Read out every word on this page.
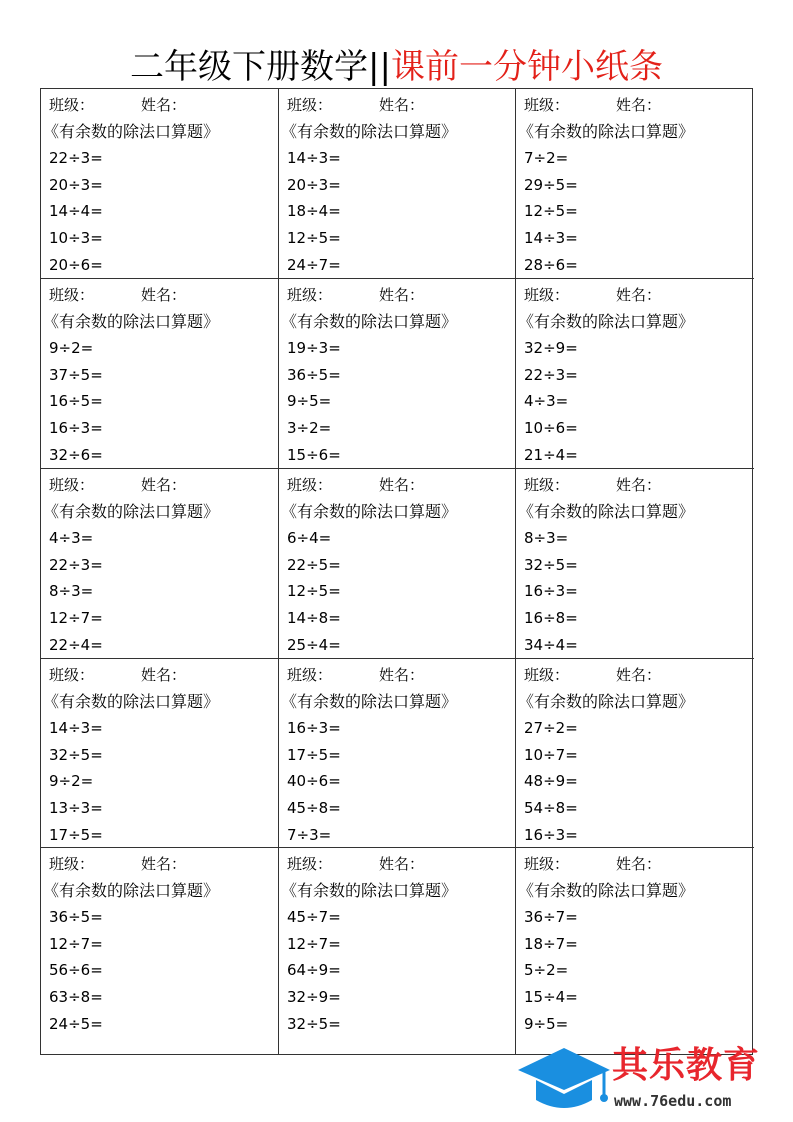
二年级下册数学||课前一分钟小纸条
班级：	姓名：
《有余数的除法口算题》
22÷3=
20÷3=
14÷4=
10÷3=
20÷6=
班级：	姓名：
《有余数的除法口算题》
14÷3=
20÷3=
18÷4=
12÷5=
24÷7=
班级：	姓名：
《有余数的除法口算题》
7÷2=
29÷5=
12÷5=
14÷3=
28÷6=
班级：	姓名：
《有余数的除法口算题》
9÷2=
37÷5=
16÷5=
16÷3=
32÷6=
班级：	姓名：
《有余数的除法口算题》
19÷3=
36÷5=
9÷5=
3÷2=
15÷6=
班级：	姓名：
《有余数的除法口算题》
32÷9=
22÷3=
4÷3=
10÷6=
21÷4=
班级：	姓名：
《有余数的除法口算题》
4÷3=
22÷3=
8÷3=
12÷7=
22÷4=
班级：	姓名：
《有余数的除法口算题》
6÷4=
22÷5=
12÷5=
14÷8=
25÷4=
班级：	姓名：
《有余数的除法口算题》
8÷3=
32÷5=
16÷3=
16÷8=
34÷4=
班级：	姓名：
《有余数的除法口算题》
14÷3=
32÷5=
9÷2=
13÷3=
17÷5=
班级：	姓名：
《有余数的除法口算题》
16÷3=
17÷5=
40÷6=
45÷8=
7÷3=
班级：	姓名：
《有余数的除法口算题》
27÷2=
10÷7=
48÷9=
54÷8=
16÷3=
班级：	姓名：
《有余数的除法口算题》
36÷5=
12÷7=
56÷6=
63÷8=
24÷5=
班级：	姓名：
《有余数的除法口算题》
45÷7=
12÷7=
64÷9=
32÷9=
32÷5=
班级：	姓名：
《有余数的除法口算题》
36÷7=
18÷7=
5÷2=
15÷4=
9÷5=
其乐教育
www.76edu.com
